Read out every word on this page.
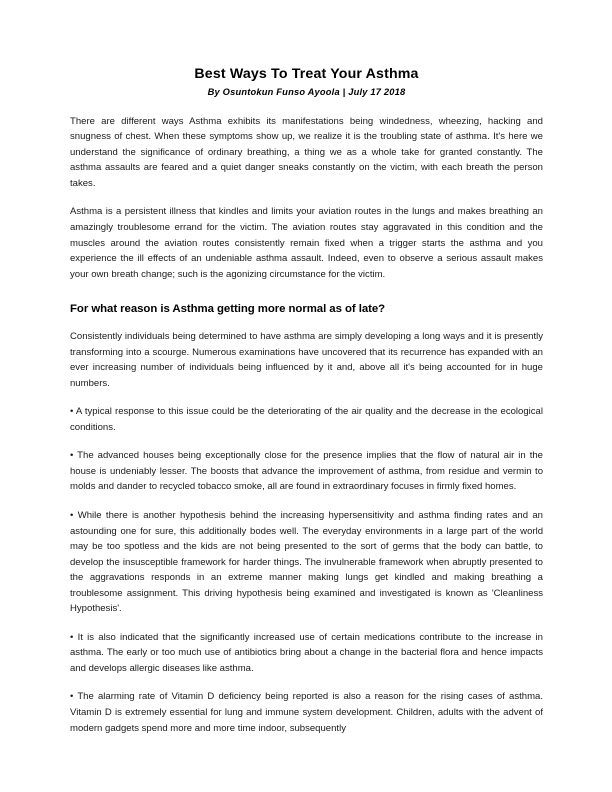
Best Ways To Treat Your Asthma
By Osuntokun Funso Ayoola | July 17 2018

There are different ways Asthma exhibits its manifestations being windedness, wheezing, hacking and snugness of chest. When these symptoms show up, we realize it is the troubling state of asthma. It's here we understand the significance of ordinary breathing, a thing we as a whole take for granted constantly. The asthma assaults are feared and a quiet danger sneaks constantly on the victim, with each breath the person takes.

Asthma is a persistent illness that kindles and limits your aviation routes in the lungs and makes breathing an amazingly troublesome errand for the victim. The aviation routes stay aggravated in this condition and the muscles around the aviation routes consistently remain fixed when a trigger starts the asthma and you experience the ill effects of an undeniable asthma assault. Indeed, even to observe a serious assault makes your own breath change; such is the agonizing circumstance for the victim.

For what reason is Asthma getting more normal as of late?

Consistently individuals being determined to have asthma are simply developing a long ways and it is presently transforming into a scourge. Numerous examinations have uncovered that its recurrence has expanded with an ever increasing number of individuals being influenced by it and, above all it's being accounted for in huge numbers.

• A typical response to this issue could be the deteriorating of the air quality and the decrease in the ecological conditions.

• The advanced houses being exceptionally close for the presence implies that the flow of natural air in the house is undeniably lesser. The boosts that advance the improvement of asthma, from residue and vermin to molds and dander to recycled tobacco smoke, all are found in extraordinary focuses in firmly fixed homes.

• While there is another hypothesis behind the increasing hypersensitivity and asthma finding rates and an astounding one for sure, this additionally bodes well. The everyday environments in a large part of the world may be too spotless and the kids are not being presented to the sort of germs that the body can battle, to develop the insusceptible framework for harder things. The invulnerable framework when abruptly presented to the aggravations responds in an extreme manner making lungs get kindled and making breathing a troublesome assignment. This driving hypothesis being examined and investigated is known as 'Cleanliness Hypothesis'.

• It is also indicated that the significantly increased use of certain medications contribute to the increase in asthma. The early or too much use of antibiotics bring about a change in the bacterial flora and hence impacts and develops allergic diseases like asthma.

• The alarming rate of Vitamin D deficiency being reported is also a reason for the rising cases of asthma. Vitamin D is extremely essential for lung and immune system development. Children, adults with the advent of modern gadgets spend more and more time indoor, subsequently
